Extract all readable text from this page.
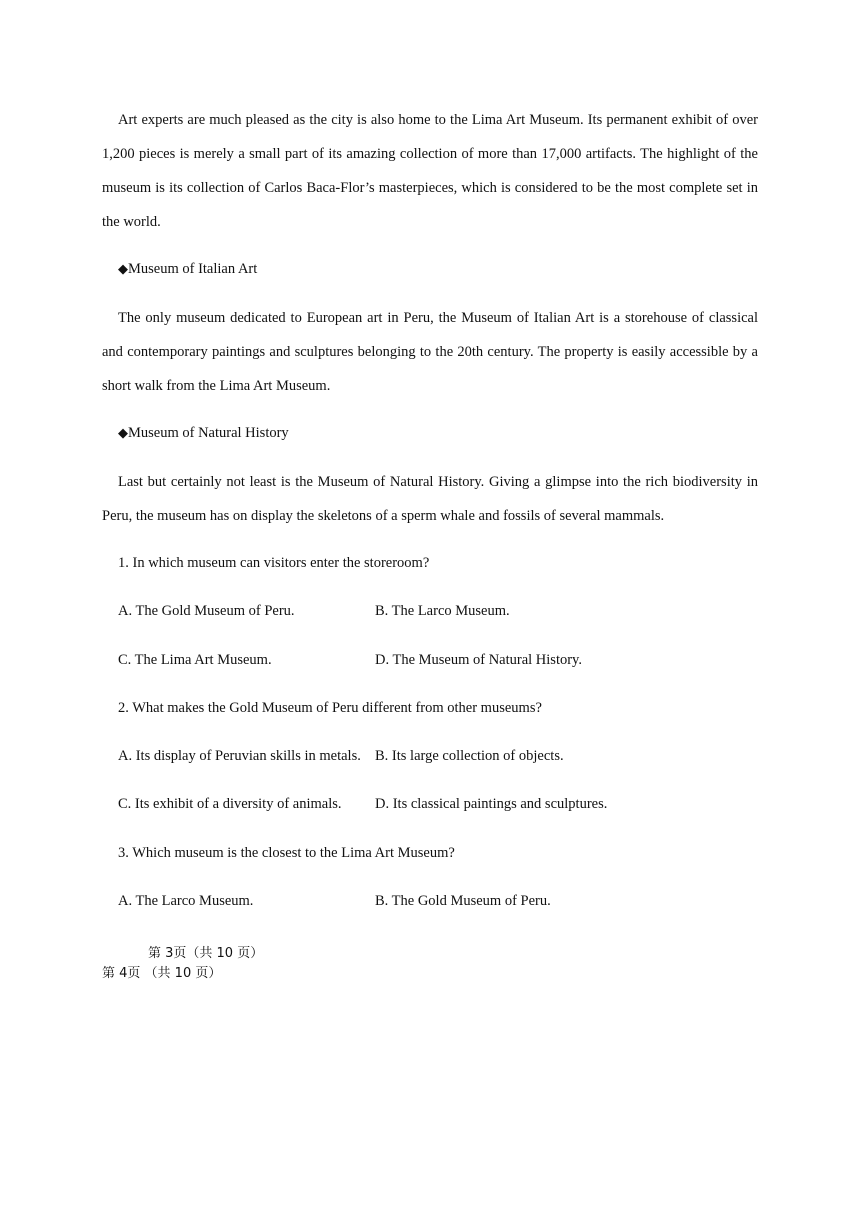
Art experts are much pleased as the city is also home to the Lima Art Museum. Its permanent exhibit of over 1,200 pieces is merely a small part of its amazing collection of more than 17,000 artifacts. The highlight of the museum is its collection of Carlos Baca-Flor’s masterpieces, which is considered to be the most complete set in the world.

◆Museum of Italian Art

The only museum dedicated to European art in Peru, the Museum of Italian Art is a storehouse of classical and contemporary paintings and sculptures belonging to the 20th century. The property is easily accessible by a short walk from the Lima Art Museum.

◆Museum of Natural History

Last but certainly not least is the Museum of Natural History. Giving a glimpse into the rich biodiversity in Peru, the museum has on display the skeletons of a sperm whale and fossils of several mammals.

1. In which museum can visitors enter the storeroom?

A. The Gold Museum of Peru.	B. The Larco Museum.

C. The Lima Art Museum.	D. The Museum of Natural History.

2. What makes the Gold Museum of Peru different from other museums?

A. Its display of Peruvian skills in metals. B. Its large collection of objects.

C. Its exhibit of a diversity of animals. D. Its classical paintings and sculptures.

3. Which museum is the closest to the Lima Art Museum?

A. The Larco Museum.	B. The Gold Museum of Peru.

第 3页（共 10 页）

第 4页 （共 10 页）
